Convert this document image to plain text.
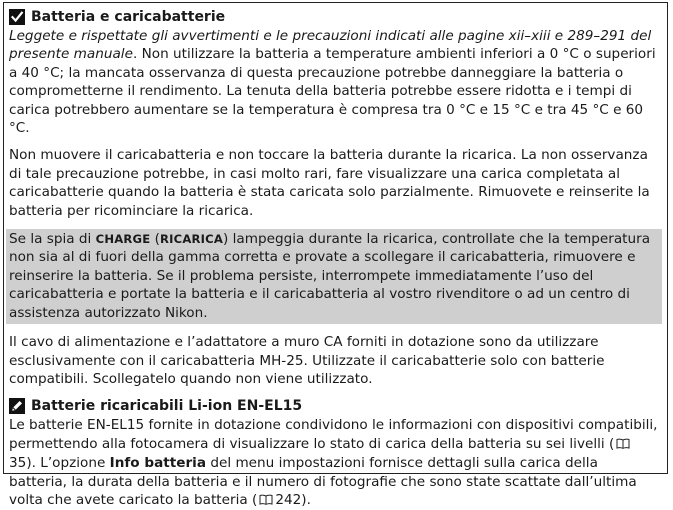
Batteria e caricabatterie

Leggete e rispettate gli avvertimenti e le precauzioni indicati alle pagine xii–xiii e 289–291 del presente manuale. Non utilizzare la batteria a temperature ambienti inferiori a 0 °C o superiori a 40 °C; la mancata osservanza di questa precauzione potrebbe danneggiare la batteria o comprometterne il rendimento. La tenuta della batteria potrebbe essere ridotta e i tempi di carica potrebbero aumentare se la temperatura è compresa tra 0 °C e 15 °C e tra 45 °C e 60 °C.

Non muovere il caricabatteria e non toccare la batteria durante la ricarica. La non osservanza di tale precauzione potrebbe, in casi molto rari, fare visualizzare una carica completata al caricabatterie quando la batteria è stata caricata solo parzialmente. Rimuovete e reinserite la batteria per ricominciare la ricarica.

Se la spia di CHARGE (RICARICA) lampeggia durante la ricarica, controllate che la temperatura non sia al di fuori della gamma corretta e provate a scollegare il caricabatteria, rimuovere e reinserire la batteria. Se il problema persiste, interrompete immediatamente l’uso del caricabatteria e portate la batteria e il caricabatteria al vostro rivenditore o ad un centro di assistenza autorizzato Nikon.

Il cavo di alimentazione e l’adattatore a muro CA forniti in dotazione sono da utilizzare esclusivamente con il caricabatteria MH-25. Utilizzate il caricabatterie solo con batterie compatibili. Scollegatelo quando non viene utilizzato.

Batterie ricaricabili Li-ion EN-EL15

Le batterie EN-EL15 fornite in dotazione condividono le informazioni con dispositivi compatibili, permettendo alla fotocamera di visualizzare lo stato di carica della batteria su sei livelli (35). L’opzione Info batteria del menu impostazioni fornisce dettagli sulla carica della batteria, la durata della batteria e il numero di fotografie che sono state scattate dall’ultima volta che avete caricato la batteria ( 242).
